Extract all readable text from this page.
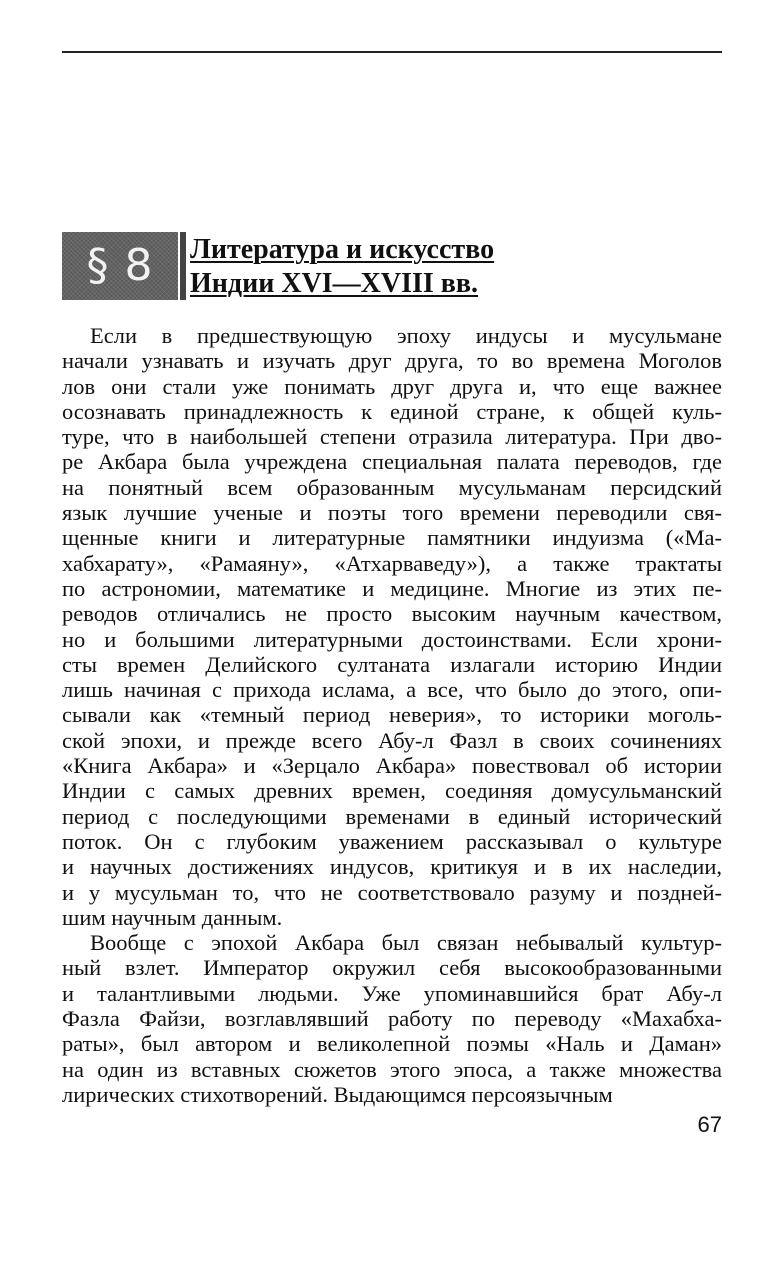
§ 8	Литература и искусство
Индии XVI—XVIII вв.
Если в предшествующую эпоху индусы и мусульмане
начали узнавать и изучать друг друга, то во времена Моголов
лов они стали уже понимать друг друга и, что еще важнее
осознавать принадлежность к единой стране, к общей куль-
туре, что в наибольшей степени отразила литература. При дво-
ре Акбара была учреждена специальная палата переводов, где
на понятный всем образованным мусульманам персидский
язык лучшие ученые и поэты того времени переводили свя-
щенные книги и литературные памятники индуизма («Ма-
хабхарату», «Рамаяну», «Атхарваведу»), а также трактаты
по астрономии, математике и медицине. Многие из этих пе-
реводов отличались не просто высоким научным качеством,
но и большими литературными достоинствами. Если хрони-
сты времен Делийского султаната излагали историю Индии
лишь начиная с прихода ислама, а все, что было до этого, опи-
сывали как «темный период неверия», то историки моголь-
ской эпохи, и прежде всего Абу-л Фазл в своих сочинениях
«Книга Акбара» и «Зерцало Акбара» повествовал об истории
Индии с самых древних времен, соединяя домусульманский
период с последующими временами в единый исторический
поток. Он с глубоким уважением рассказывал о культуре
и научных достижениях индусов, критикуя и в их наследии,
и у мусульман то, что не соответствовало разуму и поздней-
шим научным данным.
Вообще с эпохой Акбара был связан небывалый культур-
ный взлет. Император окружил себя высокообразованными
и талантливыми людьми. Уже упоминавшийся брат Абу-л
Фазла Файзи, возглавлявший работу по переводу «Махабха-
раты», был автором и великолепной поэмы «Наль и Даман»
на один из вставных сюжетов этого эпоса, а также множества
лирических стихотворений. Выдающимся персоязычным
67
